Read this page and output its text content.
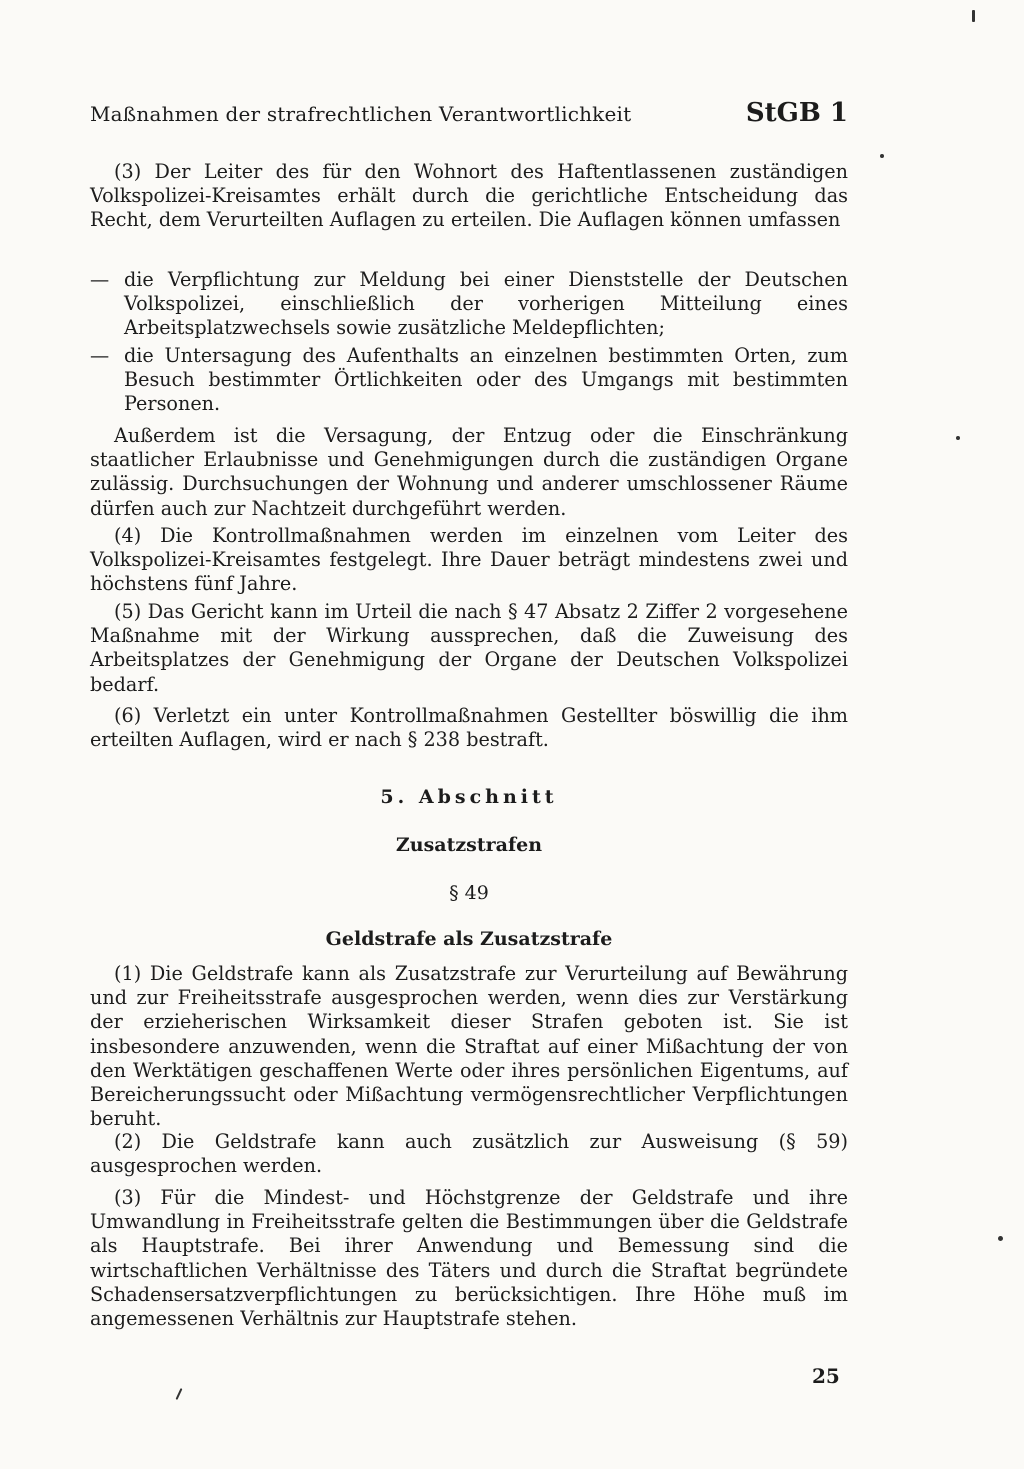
Maßnahmen der strafrechtlichen Verantwortlichkeit	StGB 1

(3) Der Leiter des für den Wohnort des Haftentlassenen zuständigen Volkspolizei-Kreisamtes erhält durch die gerichtliche Entscheidung das Recht, dem Verurteilten Auflagen zu erteilen. Die Auflagen können umfassen

— die Verpflichtung zur Meldung bei einer Dienststelle der Deutschen Volkspolizei, einschließlich der vorherigen Mitteilung eines Arbeitsplatzwechsels sowie zusätzliche Meldepflichten;
— die Untersagung des Aufenthalts an einzelnen bestimmten Orten, zum Besuch bestimmter Örtlichkeiten oder des Umgangs mit bestimmten Personen.

Außerdem ist die Versagung, der Entzug oder die Einschränkung staatlicher Erlaubnisse und Genehmigungen durch die zuständigen Organe zulässig. Durchsuchungen der Wohnung und anderer umschlossener Räume dürfen auch zur Nachtzeit durchgeführt werden.

(4) Die Kontrollmaßnahmen werden im einzelnen vom Leiter des Volkspolizei-Kreisamtes festgelegt. Ihre Dauer beträgt mindestens zwei und höchstens fünf Jahre.

(5) Das Gericht kann im Urteil die nach § 47 Absatz 2 Ziffer 2 vorgesehene Maßnahme mit der Wirkung aussprechen, daß die Zuweisung des Arbeitsplatzes der Genehmigung der Organe der Deutschen Volkspolizei bedarf.

(6) Verletzt ein unter Kontrollmaßnahmen Gestellter böswillig die ihm erteilten Auflagen, wird er nach § 238 bestraft.

5. Abschnitt
Zusatzstrafen
§ 49
Geldstrafe als Zusatzstrafe

(1) Die Geldstrafe kann als Zusatzstrafe zur Verurteilung auf Bewährung und zur Freiheitsstrafe ausgesprochen werden, wenn dies zur Verstärkung der erzieherischen Wirksamkeit dieser Strafen geboten ist. Sie ist insbesondere anzuwenden, wenn die Straftat auf einer Mißachtung der von den Werktätigen geschaffenen Werte oder ihres persönlichen Eigentums, auf Bereicherungssucht oder Mißachtung vermögensrechtlicher Verpflichtungen beruht.

(2) Die Geldstrafe kann auch zusätzlich zur Ausweisung (§ 59) ausgesprochen werden.

(3) Für die Mindest- und Höchstgrenze der Geldstrafe und ihre Umwandlung in Freiheitsstrafe gelten die Bestimmungen über die Geldstrafe als Hauptstrafe. Bei ihrer Anwendung und Bemessung sind die wirtschaftlichen Verhältnisse des Täters und durch die Straftat begründete Schadensersatzverpflichtungen zu berücksichtigen. Ihre Höhe muß im angemessenen Verhältnis zur Hauptstrafe stehen.

25
